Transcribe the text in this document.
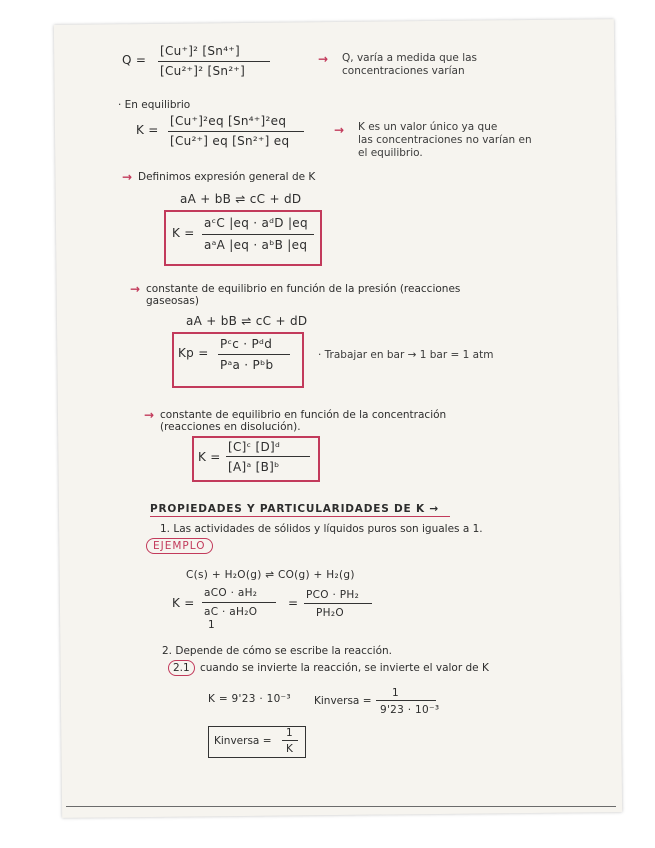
Q =
[Cu⁺]² [Sn⁴⁺]
[Cu²⁺]² [Sn²⁺]
→ Q, varía a medida que las
concentraciones varían
· En equilibrio
K =
[Cu⁺]²eq [Sn⁴⁺]²eq
[Cu²⁺] eq [Sn²⁺] eq
→ K es un valor único ya que
las concentraciones no varían en
el equilibrio.
→ Definimos expresión general de K
aA + bB ⇌ cC + dD
K =
aᶜC |eq · aᵈD |eq
aᵃA |eq · aᵇB |eq
→ constante de equilibrio en función de la presión (reacciones
gaseosas)
aA + bB ⇌ cC + dD
Kp =
Pᶜc · Pᵈd
Pᵃa · Pᵇb
· Trabajar en bar → 1 bar = 1 atm
→ constante de equilibrio en función de la concentración
(reacciones en disolución).
K =
[C]ᶜ [D]ᵈ
[A]ᵃ [B]ᵇ
PROPIEDADES Y PARTICULARIDADES DE K →
1. Las actividades de sólidos y líquidos puros son iguales a 1.
EJEMPLO
C(s) + H₂O(g) ⇌ CO(g) + H₂(g)
K =
aCO · aH₂
aC · aH₂O
1
=
PCO · PH₂
PH₂O
2. Depende de cómo se escribe la reacción.
2.1 cuando se invierte la reacción, se invierte el valor de K
K = 9'23 · 10⁻³ Kinversa =
1
9'23 · 10⁻³
Kinversa =
1
K
